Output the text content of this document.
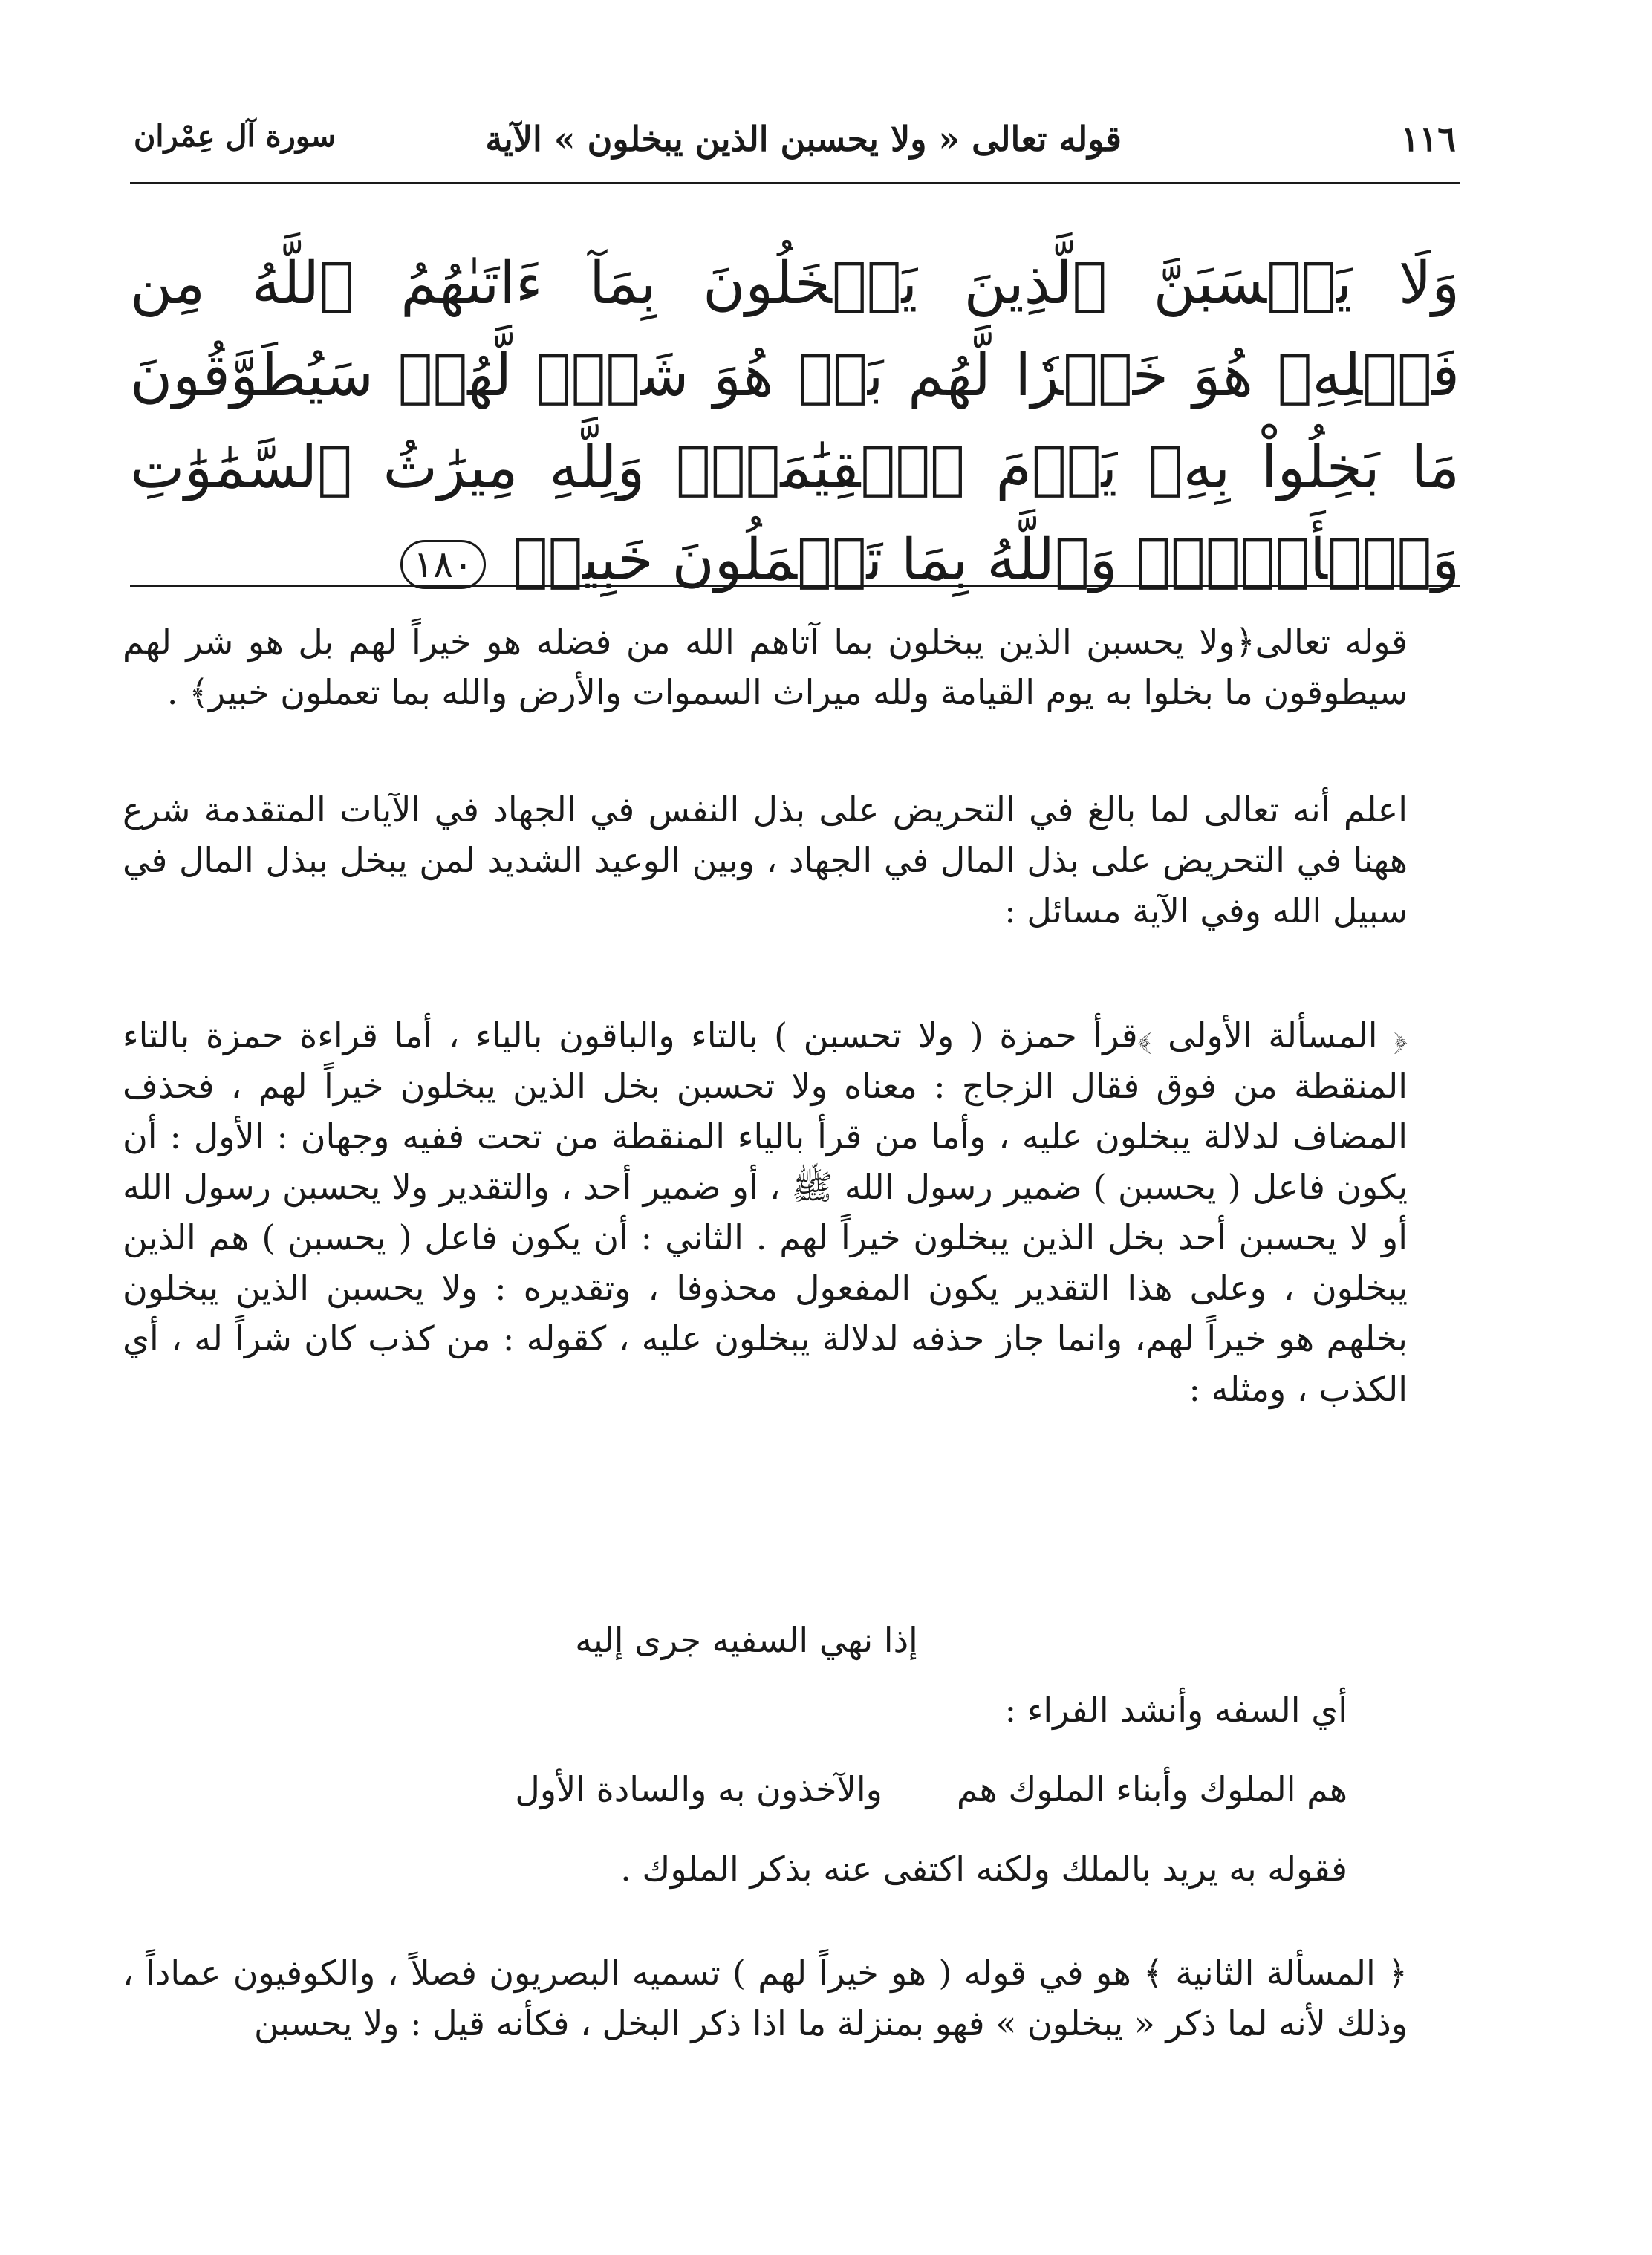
١١٦
قوله تعالى « ولا يحسبن الذين يبخلون » الآية
سورة آل عِمْران
وَلَا يَحۡسَبَنَّ ٱلَّذِينَ يَبۡخَلُونَ بِمَآ ءَاتَىٰهُمُ ٱللَّهُ مِن فَضۡلِهِۦ هُوَ خَيۡرٗا لَّهُم بَلۡ هُوَ شَرّٞ لَّهُمۡ سَيُطَوَّقُونَ مَا بَخِلُواْ بِهِۦ يَوۡمَ ٱلۡقِيَٰمَةِۗ وَلِلَّهِ مِيرَٰثُ ٱلسَّمَٰوَٰتِ وَٱلۡأَرۡضِۗ وَٱللَّهُ بِمَا تَعۡمَلُونَ خَبِيرٞ ١٨٠
قوله تعالى﴿ولا يحسبن الذين يبخلون بما آتاهم الله من فضله هو خيراً لهم بل هو شر لهم سيطوقون ما بخلوا به يوم القيامة ولله ميراث السموات والأرض والله بما تعملون خبير﴾ .
اعلم أنه تعالى لما بالغ في التحريض على بذل النفس في الجهاد في الآيات المتقدمة شرع ههنا في التحريض على بذل المال في الجهاد ، وبين الوعيد الشديد لمن يبخل ببذل المال في سبيل الله وفي الآية مسائل :
﴿ المسألة الأولى ﴾قرأ حمزة ( ولا تحسبن ) بالتاء والباقون بالياء ، أما قراءة حمزة بالتاء المنقطة من فوق فقال الزجاج : معناه ولا تحسبن بخل الذين يبخلون خيراً لهم ، فحذف المضاف لدلالة يبخلون عليه ، وأما من قرأ بالياء المنقطة من تحت ففيه وجهان : الأول : أن يكون فاعل ( يحسبن ) ضمير رسول الله ﷺ ، أو ضمير أحد ، والتقدير ولا يحسبن رسول الله أو لا يحسبن أحد بخل الذين يبخلون خيراً لهم . الثاني : أن يكون فاعل ( يحسبن ) هم الذين يبخلون ، وعلى هذا التقدير يكون المفعول محذوفا ، وتقديره : ولا يحسبن الذين يبخلون بخلهم هو خيراً لهم، وانما جاز حذفه لدلالة يبخلون عليه ، كقوله : من كذب كان شراً له ، أي الكذب ، ومثله :
إذا نهي السفيه جرى إليه
أي السفه وأنشد الفراء :
هم الملوك وأبناء الملوك هموالآخذون به والسادة الأول
فقوله به يريد بالملك ولكنه اكتفى عنه بذكر الملوك .
﴿ المسألة الثانية ﴾ هو في قوله ( هو خيراً لهم ) تسميه البصريون فصلاً ، والكوفيون عماداً ، وذلك لأنه لما ذكر « يبخلون » فهو بمنزلة ما اذا ذكر البخل ، فكأنه قيل : ولا يحسبن
